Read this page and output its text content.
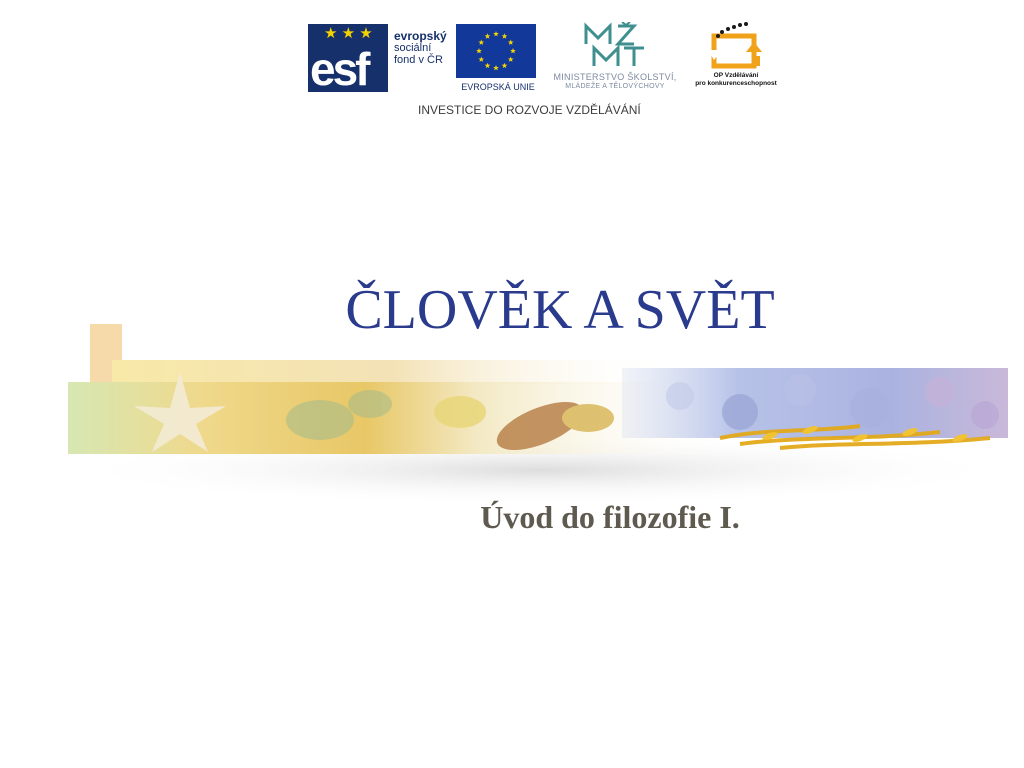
★ ★ ★
esf
evropský
sociální
fond v ČR
EVROPSKÁ UNIE
MINISTERSTVO ŠKOLSTVÍ,
MLÁDEŽE A TĚLOVÝCHOVY
OP Vzdělávání
pro konkurenceschopnost
INVESTICE DO ROZVOJE VZDĚLÁVÁNÍ
ČLOVĚK A SVĚT
Úvod do filozofie I.
